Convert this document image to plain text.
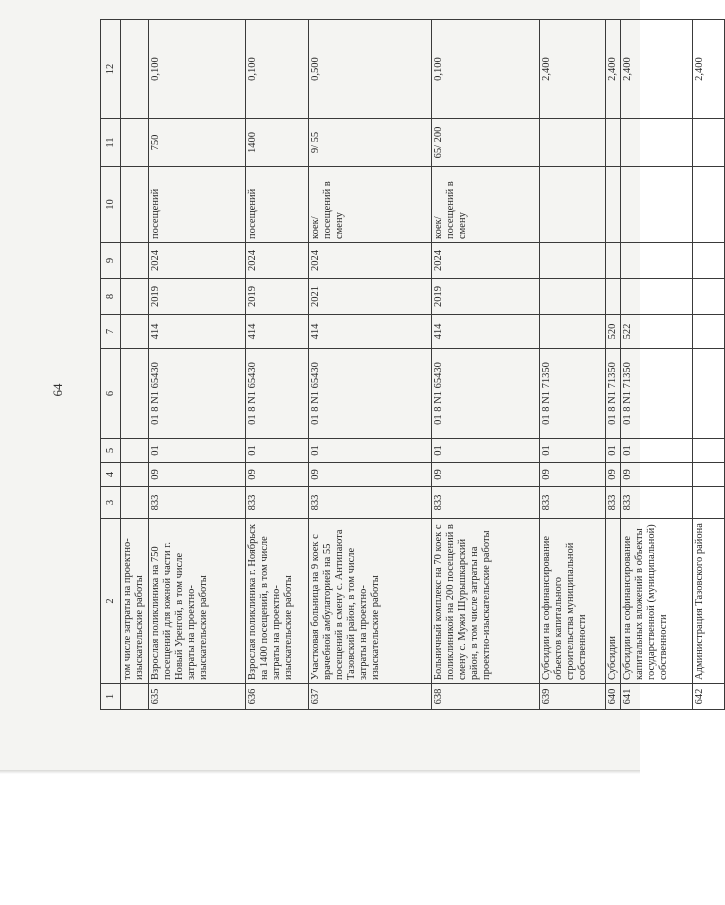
64
1	2	3	4	5	6	7	8	9	10	11	12
	том числе затраты на проектно-изыскательские работы										
635	Взрослая поликлиника на 750 посещений для южной части г. Новый Уренгой, в том числе затраты на проектно-изыскательские работы	833	09	01	01 8 N1 65430	414	2019	2024	посещений	750	0,100
636	Взрослая поликлиника г. Ноябрьск на 1400 посещений, в том числе затраты на проектно-изыскательские работы	833	09	01	01 8 N1 65430	414	2019	2024	посещений	1400	0,100
637	Участковая больница на 9 коек с врачебной амбулаторией на 55 посещений в смену с. Антипаюта Тазовский район, в том числе затраты на проектно-изыскательские работы	833	09	01	01 8 N1 65430	414	2021	2024	коек/ посещений в смену	9/ 55	0,500
638	Больничный комплекс на 70 коек с поликлиникой на 200 посещений в смену с. Мужи Шурышкарский район, в том числе затраты на проектно-изыскательские работы	833	09	01	01 8 N1 65430	414	2019	2024	коек/ посещений в смену	65/ 200	0,100
639	Субсидии на софинансирование объектов капитального строительства муниципальной собственности	833	09	01	01 8 N1 71350						2,400
640	Субсидии	833	09	01	01 8 N1 71350	520					2,400
641	Субсидии на софинансирование капитальных вложений в объекты государственной (муниципальной) собственности	833	09	01	01 8 N1 71350	522					2,400
642	Администрация Тазовского района										2,400
